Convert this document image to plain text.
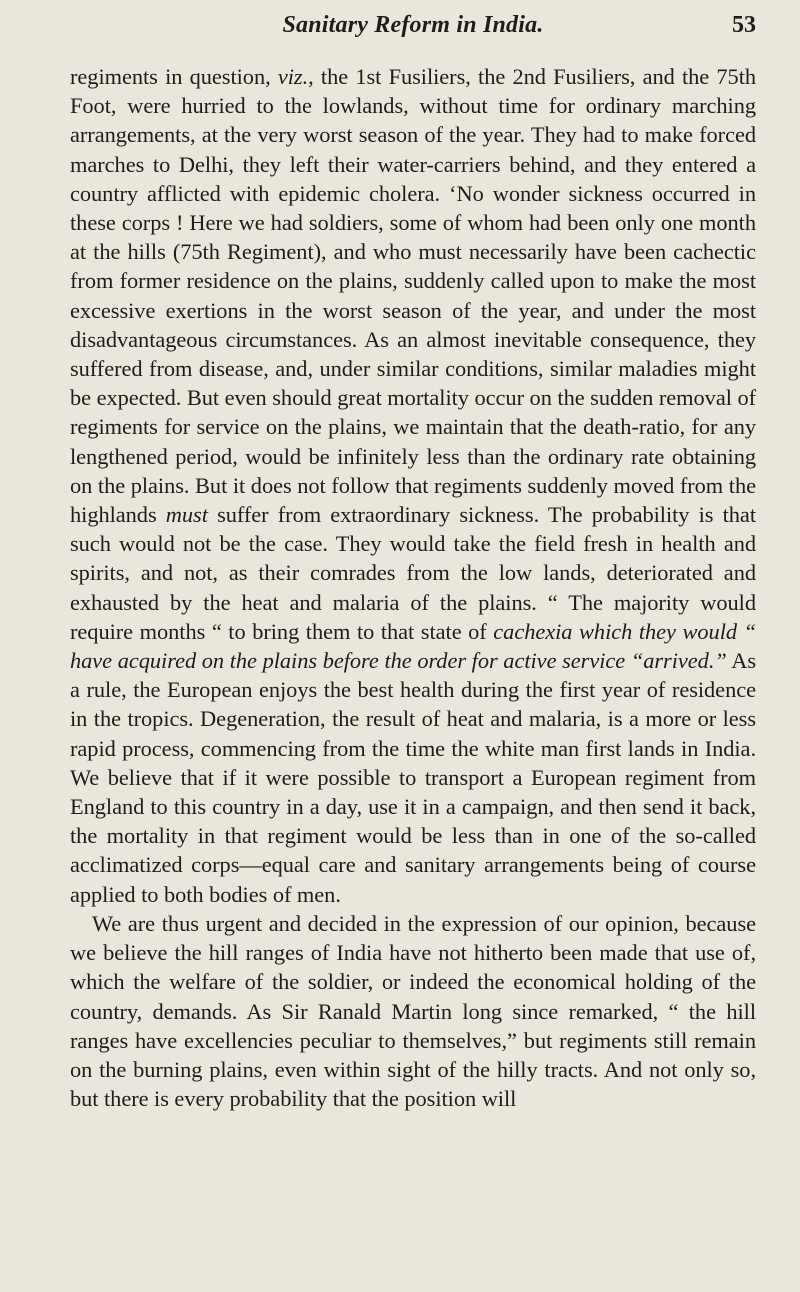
Sanitary Reform in India.	53

regiments in question, viz., the 1st Fusiliers, the 2nd Fusiliers, and the 75th Foot, were hurried to the lowlands, without time for ordinary marching arrangements, at the very worst season of the year. They had to make forced marches to Delhi, they left their water-carriers behind, and they entered a country afflicted with epidemic cholera. ‘No wonder sickness occurred in these corps ! Here we had soldiers, some of whom had been only one month at the hills (75th Regiment), and who must necessarily have been cachectic from former residence on the plains, suddenly called upon to make the most excessive exertions in the worst season of the year, and under the most disadvantageous circumstances. As an almost inevitable consequence, they suffered from disease, and, under similar conditions, similar maladies might be expected. But even should great mortality occur on the sudden removal of regiments for service on the plains, we maintain that the death-ratio, for any lengthened period, would be infinitely less than the ordinary rate obtaining on the plains. But it does not follow that regiments suddenly moved from the highlands must suffer from extraordinary sickness. The probability is that such would not be the case. They would take the field fresh in health and spirits, and not, as their comrades from the low lands, deteriorated and exhausted by the heat and malaria of the plains. “ The majority would require months “ to bring them to that state of cachexia which they would “ have acquired on the plains before the order for active service “arrived.” As a rule, the European enjoys the best health during the first year of residence in the tropics. Degeneration, the result of heat and malaria, is a more or less rapid process, commencing from the time the white man first lands in India. We believe that if it were possible to transport a European regiment from England to this country in a day, use it in a campaign, and then send it back, the mortality in that regiment would be less than in one of the so-called acclimatized corps—equal care and sanitary arrangements being of course applied to both bodies of men.

We are thus urgent and decided in the expression of our opinion, because we believe the hill ranges of India have not hitherto been made that use of, which the welfare of the soldier, or indeed the economical holding of the country, demands. As Sir Ranald Martin long since remarked, “ the hill ranges have excellencies peculiar to themselves,” but regiments still remain on the burning plains, even within sight of the hilly tracts. And not only so, but there is every probability that the position will
